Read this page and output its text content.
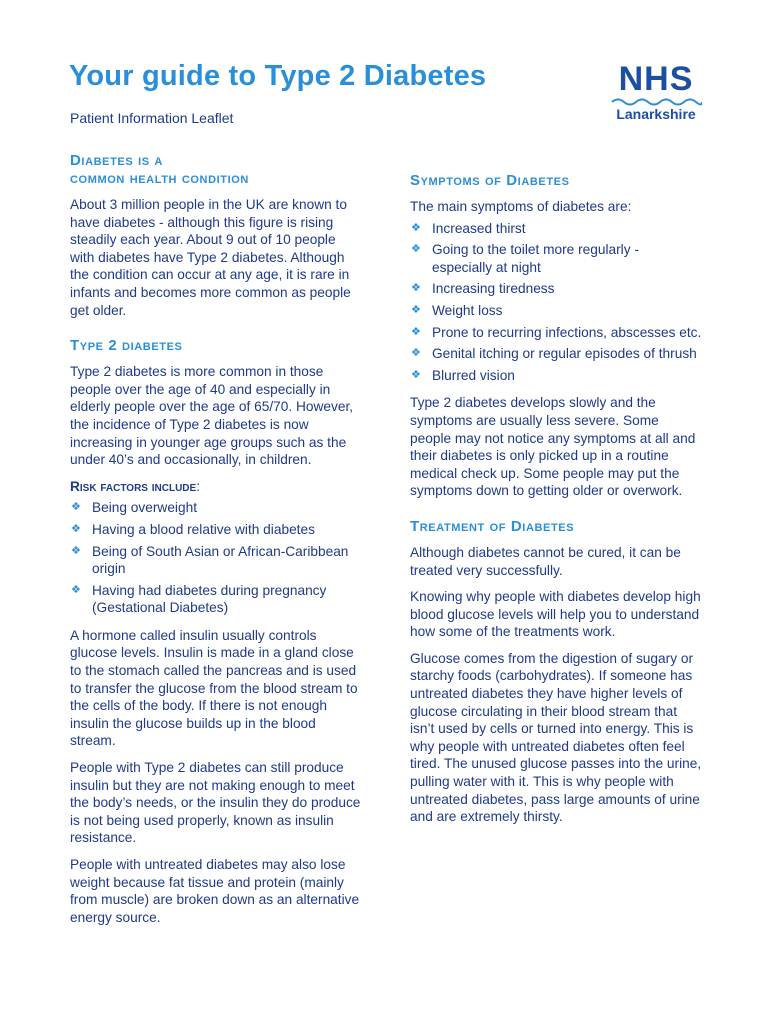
Your guide to Type 2 Diabetes
Patient Information Leaflet
NHS
Lanarkshire
Diabetes is a
common health condition

About 3 million people in the UK are known to have diabetes - although this figure is rising steadily each year. About 9 out of 10 people with diabetes have Type 2 diabetes. Although the condition can occur at any age, it is rare in infants and becomes more common as people get older.

Type 2 diabetes

Type 2 diabetes is more common in those people over the age of 40 and especially in elderly people over the age of 65/70. However, the incidence of Type 2 diabetes is now increasing in younger age groups such as the under 40’s and occasionally, in children.

Risk factors include:
❖ Being overweight
❖ Having a blood relative with diabetes
❖ Being of South Asian or African-Caribbean origin
❖ Having had diabetes during pregnancy (Gestational Diabetes)

A hormone called insulin usually controls glucose levels. Insulin is made in a gland close to the stomach called the pancreas and is used to transfer the glucose from the blood stream to the cells of the body. If there is not enough insulin the glucose builds up in the blood stream.

People with Type 2 diabetes can still produce insulin but they are not making enough to meet the body’s needs, or the insulin they do produce is not being used properly, known as insulin resistance.

People with untreated diabetes may also lose weight because fat tissue and protein (mainly from muscle) are broken down as an alternative energy source.

Symptoms of Diabetes

The main symptoms of diabetes are:

❖ Increased thirst
❖ Going to the toilet more regularly - especially at night
❖ Increasing tiredness
❖ Weight loss
❖ Prone to recurring infections, abscesses etc.
❖ Genital itching or regular episodes of thrush
❖ Blurred vision

Type 2 diabetes develops slowly and the symptoms are usually less severe. Some people may not notice any symptoms at all and their diabetes is only picked up in a routine medical check up. Some people may put the symptoms down to getting older or overwork.

Treatment of Diabetes

Although diabetes cannot be cured, it can be treated very successfully.

Knowing why people with diabetes develop high blood glucose levels will help you to understand how some of the treatments work.

Glucose comes from the digestion of sugary or starchy foods (carbohydrates). If someone has untreated diabetes they have higher levels of glucose circulating in their blood stream that isn’t used by cells or turned into energy. This is why people with untreated diabetes often feel tired. The unused glucose passes into the urine, pulling water with it. This is why people with untreated diabetes, pass large amounts of urine and are extremely thirsty.
